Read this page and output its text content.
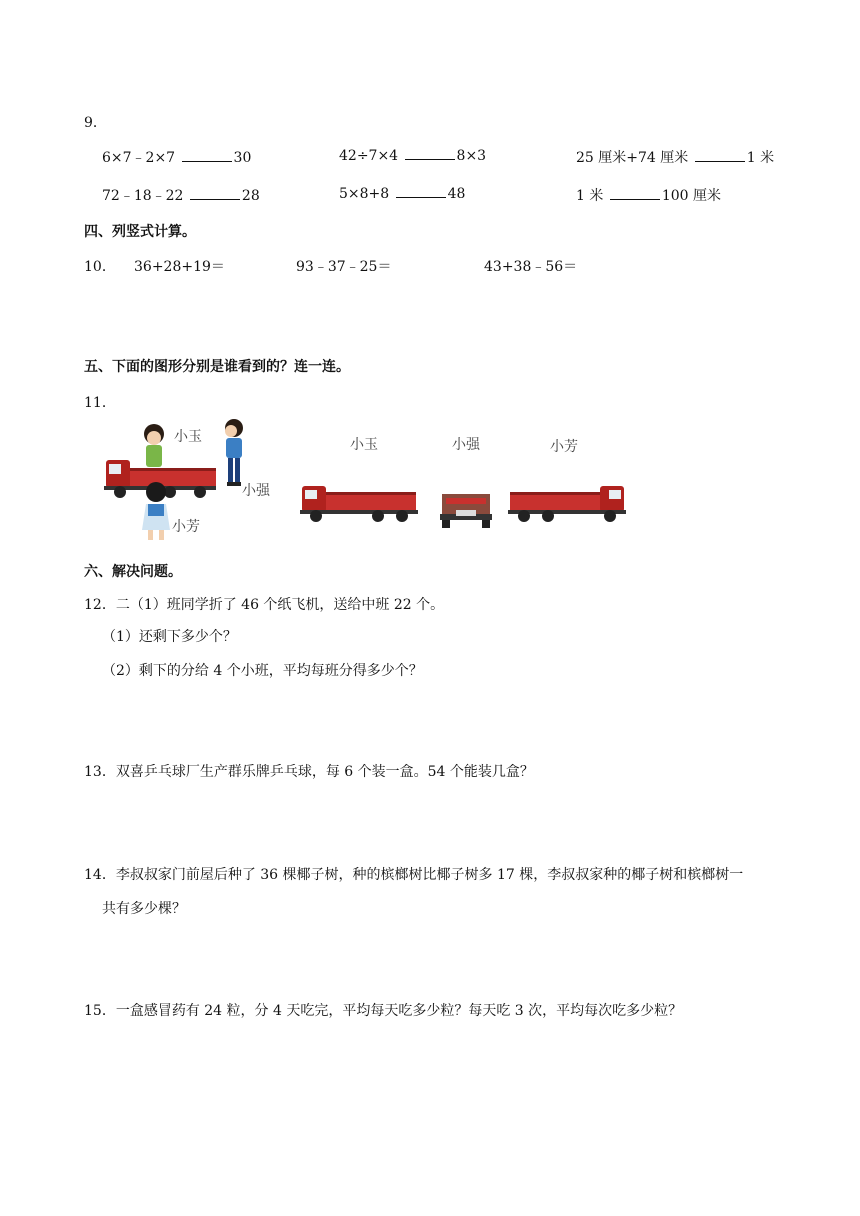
9．
6×7﹣2×7	30	42÷7×4	8×3	25 厘米+74 厘米	1 米
72﹣18﹣22	28	5×8+8	48	1 米	100 厘米
四、列竖式计算。
10． 36+28+19＝	93﹣37﹣25＝	43+38﹣56＝
五、下面的图形分别是谁看到的？连一连。
11．
小玉
小强
小芳
小玉	小强	小芳
六、解决问题。
12．二（1）班同学折了 46 个纸飞机，送给中班 22 个。
（1）还剩下多少个？
（2）剩下的分给 4 个小班，平均每班分得多少个？
13．双喜乒乓球厂生产群乐牌乒乓球，每 6 个装一盒。54 个能装几盒？
14．李叔叔家门前屋后种了 36 棵椰子树，种的槟榔树比椰子树多 17 棵，李叔叔家种的椰子树和槟榔树一
共有多少棵？
15．一盒感冒药有 24 粒，分 4 天吃完，平均每天吃多少粒？每天吃 3 次，平均每次吃多少粒？
